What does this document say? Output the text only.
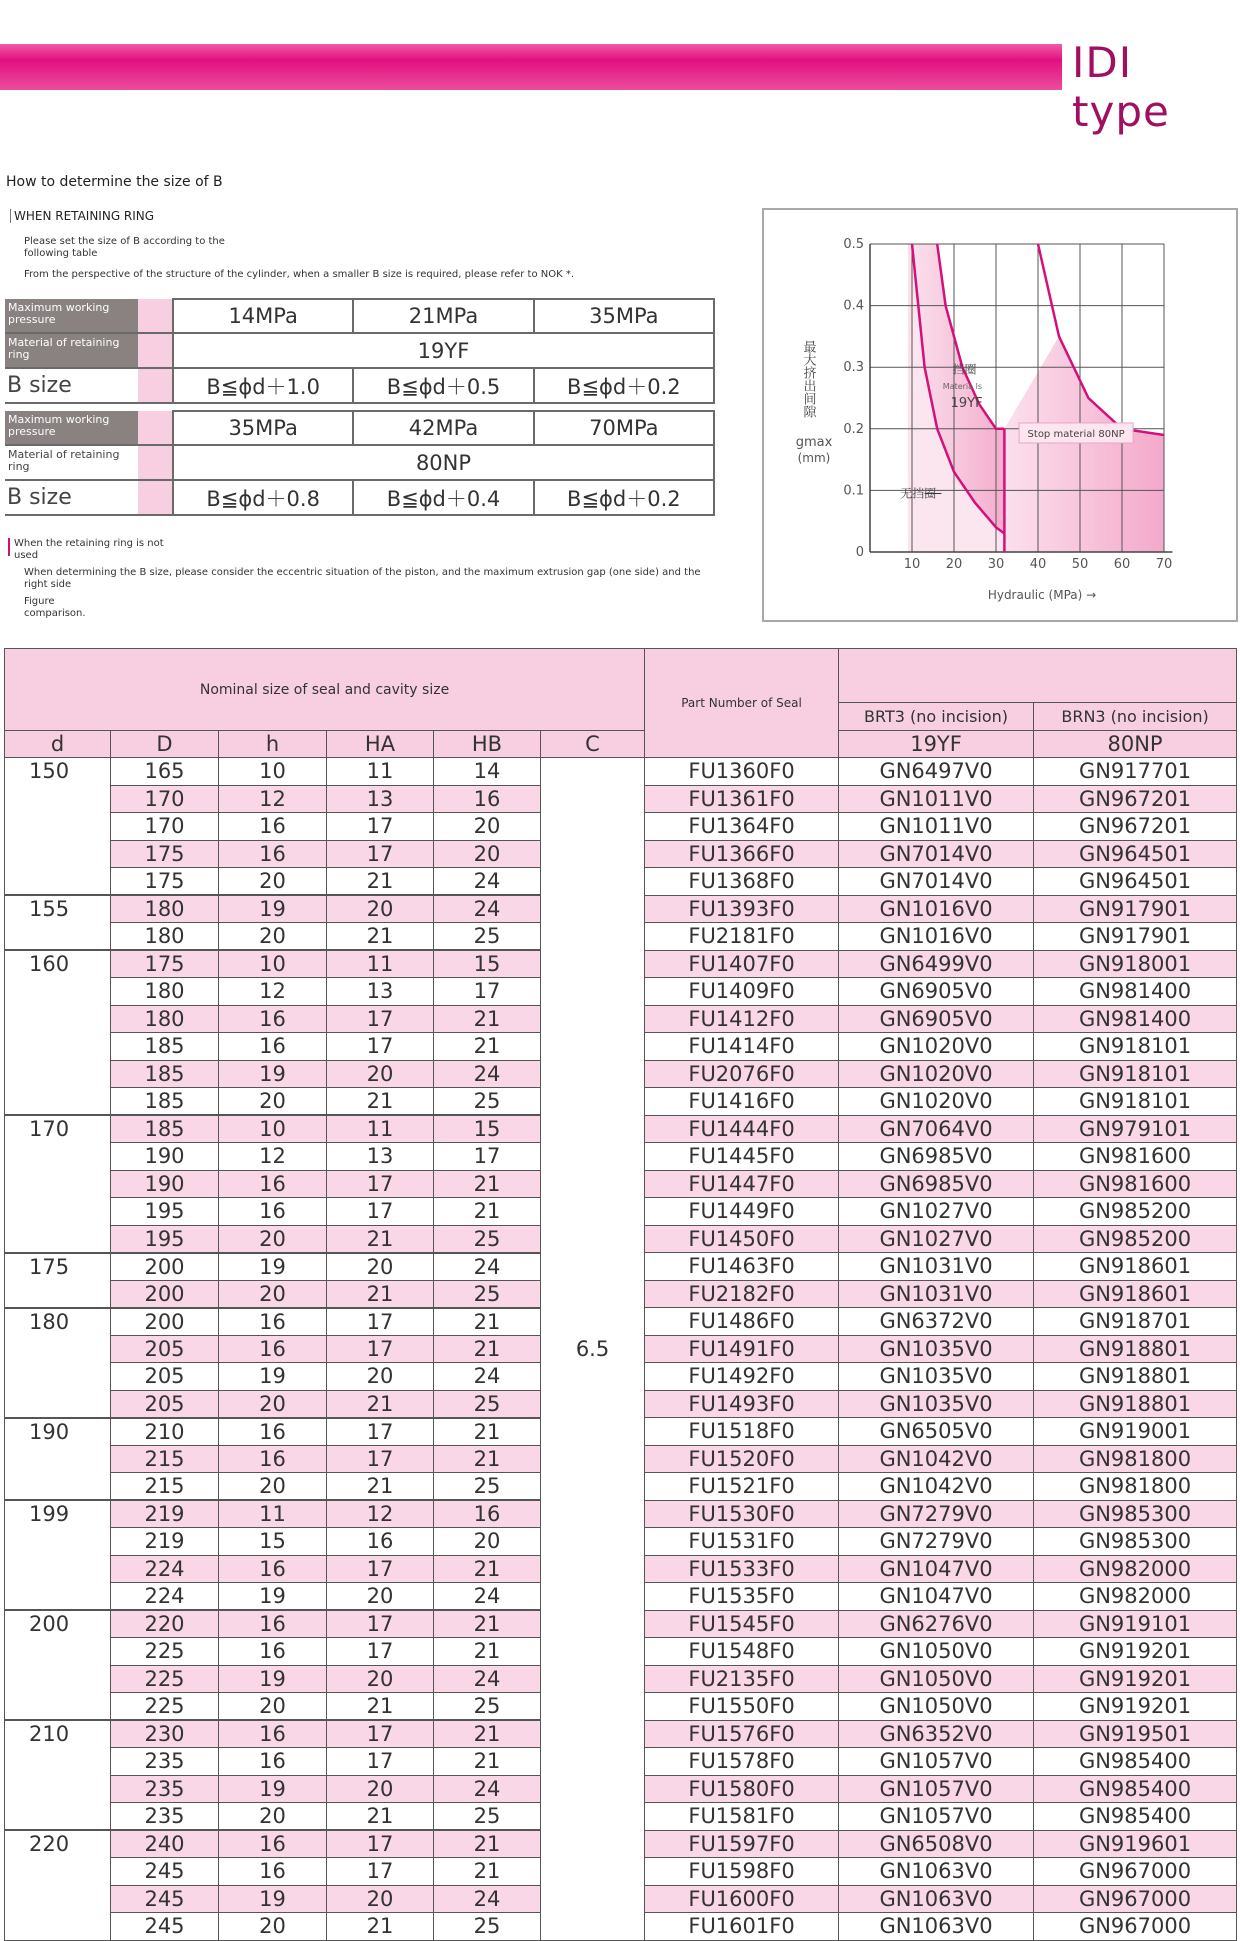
IDI type
How to determine the size of B
WHEN RETAINING RING
Please set the size of B according to the following table
From the perspective of the structure of the cylinder, when a smaller B size is required, please refer to NOK *.
Maximum working pressure	14MPa	21MPa	35MPa

Material of retaining ring	19YF		

B size	B≦ϕd＋1.0	B≦ϕd＋0.5	B≦ϕd＋0.2
Maximum working pressure	35MPa	42MPa	70MPa

Material of retaining ring	80NP		

B size	B≦ϕd＋0.8	B≦ϕd＋0.4	B≦ϕd＋0.2
When the retaining ring is not used
When determining the B size, please consider the eccentric situation of the piston, and the maximum extrusion gap (one side) and the right side
Figure comparison.
10 20 30 40 50 60 70
0
0.1
0.2
0.3
0.4
0.5
Hydraulic (MPa) →
最大挤出间隙
gmax
(mm)
挡圈
Materia ls
19YF
无挡圈
Stop material 80NP
Nominal size of seal and cavity size						Part Number of Seal		
							BRT3 (no incision)	BRN3 (no incision)
d	D	h	HA	HB	C		19YF	80NP
150	165	10	11	14	6.5	FU1360F0	GN6497V0	GN917701
	170	12	13	16		FU1361F0	GN1011V0	GN967201
	170	16	17	20		FU1364F0	GN1011V0	GN967201
	175	16	17	20		FU1366F0	GN7014V0	GN964501
	175	20	21	24		FU1368F0	GN7014V0	GN964501
155	180	19	20	24		FU1393F0	GN1016V0	GN917901
	180	20	21	25		FU2181F0	GN1016V0	GN917901
160	175	10	11	15		FU1407F0	GN6499V0	GN918001
	180	12	13	17		FU1409F0	GN6905V0	GN981400
	180	16	17	21		FU1412F0	GN6905V0	GN981400
	185	16	17	21		FU1414F0	GN1020V0	GN918101
	185	19	20	24		FU2076F0	GN1020V0	GN918101
	185	20	21	25		FU1416F0	GN1020V0	GN918101
170	185	10	11	15		FU1444F0	GN7064V0	GN979101
	190	12	13	17		FU1445F0	GN6985V0	GN981600
	190	16	17	21		FU1447F0	GN6985V0	GN981600
	195	16	17	21		FU1449F0	GN1027V0	GN985200
	195	20	21	25		FU1450F0	GN1027V0	GN985200
175	200	19	20	24		FU1463F0	GN1031V0	GN918601
	200	20	21	25		FU2182F0	GN1031V0	GN918601
180	200	16	17	21		FU1486F0	GN6372V0	GN918701
	205	16	17	21		FU1491F0	GN1035V0	GN918801
	205	19	20	24		FU1492F0	GN1035V0	GN918801
	205	20	21	25		FU1493F0	GN1035V0	GN918801
190	210	16	17	21		FU1518F0	GN6505V0	GN919001
	215	16	17	21		FU1520F0	GN1042V0	GN981800
	215	20	21	25		FU1521F0	GN1042V0	GN981800
199	219	11	12	16		FU1530F0	GN7279V0	GN985300
	219	15	16	20		FU1531F0	GN7279V0	GN985300
	224	16	17	21		FU1533F0	GN1047V0	GN982000
	224	19	20	24		FU1535F0	GN1047V0	GN982000
200	220	16	17	21		FU1545F0	GN6276V0	GN919101
	225	16	17	21		FU1548F0	GN1050V0	GN919201
	225	19	20	24		FU2135F0	GN1050V0	GN919201
	225	20	21	25		FU1550F0	GN1050V0	GN919201
210	230	16	17	21		FU1576F0	GN6352V0	GN919501
	235	16	17	21		FU1578F0	GN1057V0	GN985400
	235	19	20	24		FU1580F0	GN1057V0	GN985400
	235	20	21	25		FU1581F0	GN1057V0	GN985400
220	240	16	17	21		FU1597F0	GN6508V0	GN919601
	245	16	17	21		FU1598F0	GN1063V0	GN967000
	245	19	20	24		FU1600F0	GN1063V0	GN967000
	245	20	21	25		FU1601F0	GN1063V0	GN967000
